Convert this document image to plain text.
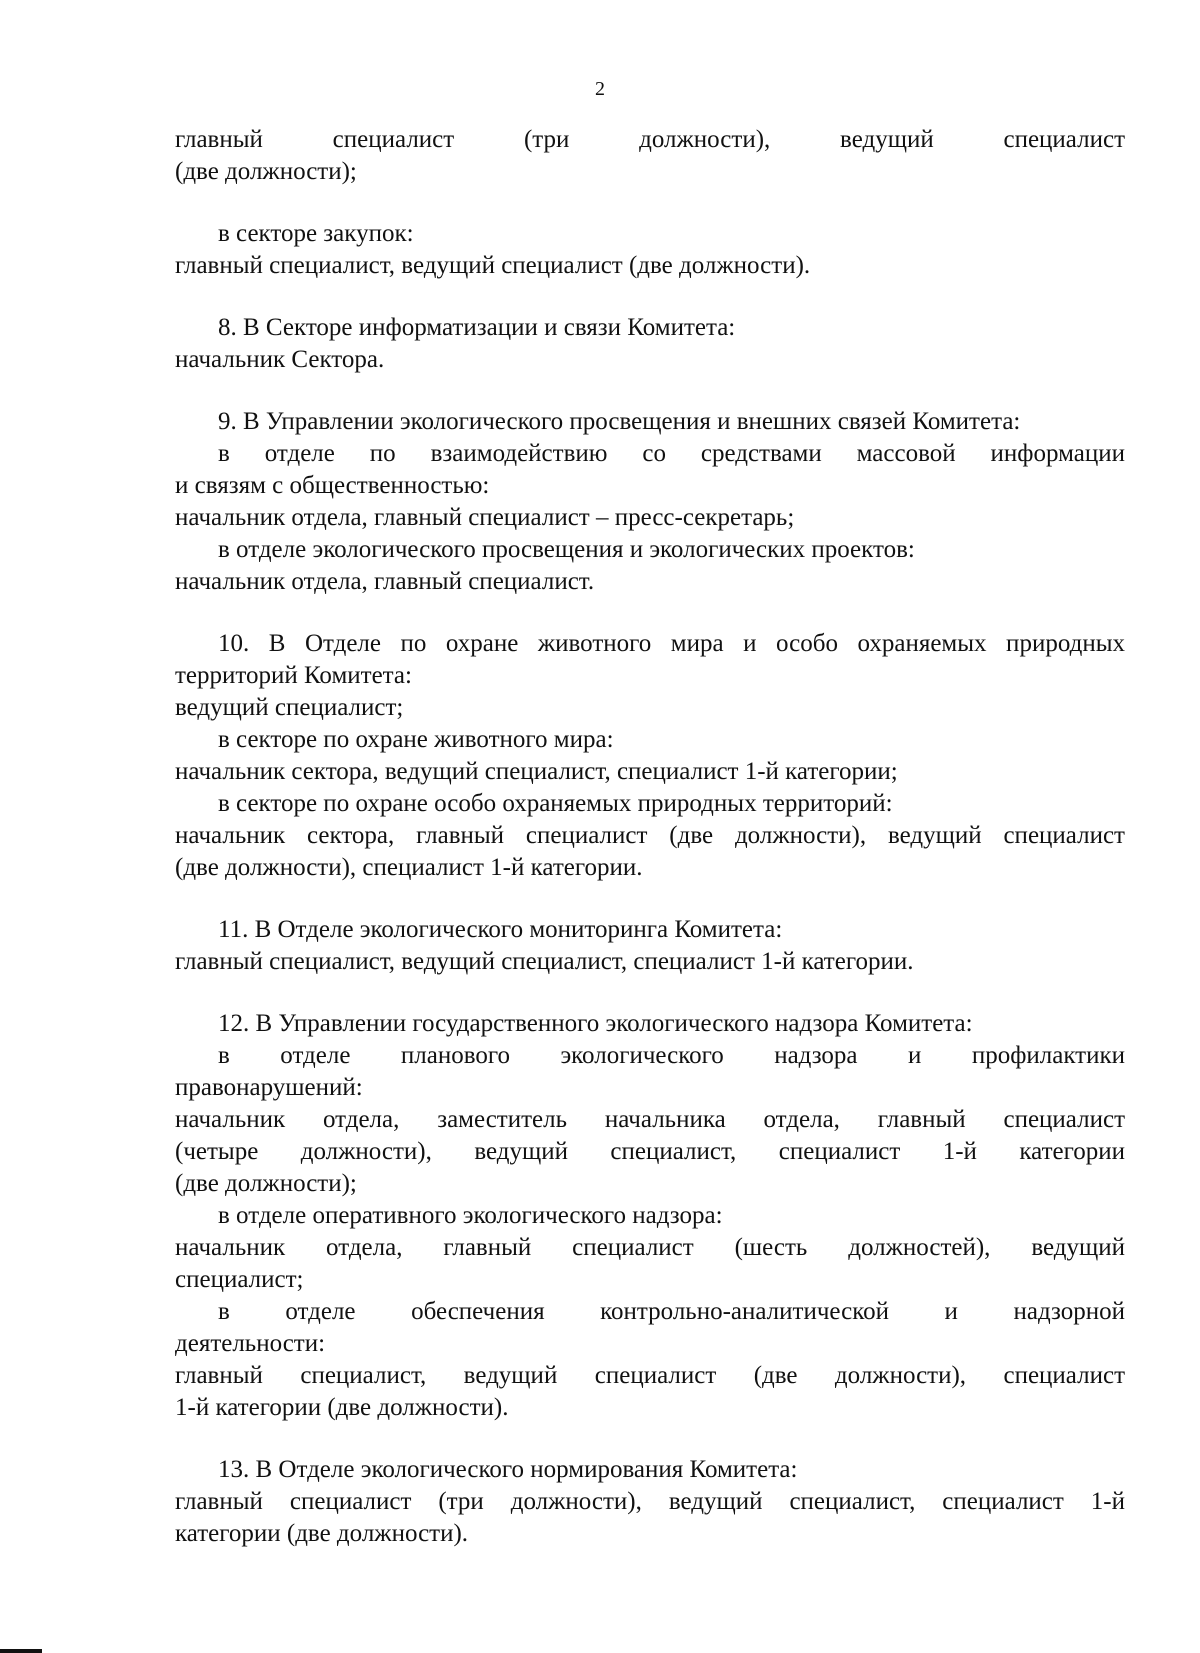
2
главный специалист (три должности), ведущий специалист
(две должности);
в секторе закупок:
главный специалист, ведущий специалист (две должности).
8. В Секторе информатизации и связи Комитета:
начальник Сектора.
9. В Управлении экологического просвещения и внешних связей Комитета:
в отделе по взаимодействию со средствами массовой информации
и связям с общественностью:
начальник отдела, главный специалист – пресс-секретарь;
в отделе экологического просвещения и экологических проектов:
начальник отдела, главный специалист.
10. В Отделе по охране животного мира и особо охраняемых природных
территорий Комитета:
ведущий специалист;
в секторе по охране животного мира:
начальник сектора, ведущий специалист, специалист 1-й категории;
в секторе по охране особо охраняемых природных территорий:
начальник сектора, главный специалист (две должности), ведущий специалист
(две должности), специалист 1-й категории.
11. В Отделе экологического мониторинга Комитета:
главный специалист, ведущий специалист, специалист 1-й категории.
12. В Управлении государственного экологического надзора Комитета:
в отделе планового экологического надзора и профилактики
правонарушений:
начальник отдела, заместитель начальника отдела, главный специалист
(четыре должности), ведущий специалист, специалист 1-й категории
(две должности);
в отделе оперативного экологического надзора:
начальник отдела, главный специалист (шесть должностей), ведущий
специалист;
в отделе обеспечения контрольно-аналитической и надзорной
деятельности:
главный специалист, ведущий специалист (две должности), специалист
1-й категории (две должности).
13. В Отделе экологического нормирования Комитета:
главный специалист (три должности), ведущий специалист, специалист 1-й
категории (две должности).
